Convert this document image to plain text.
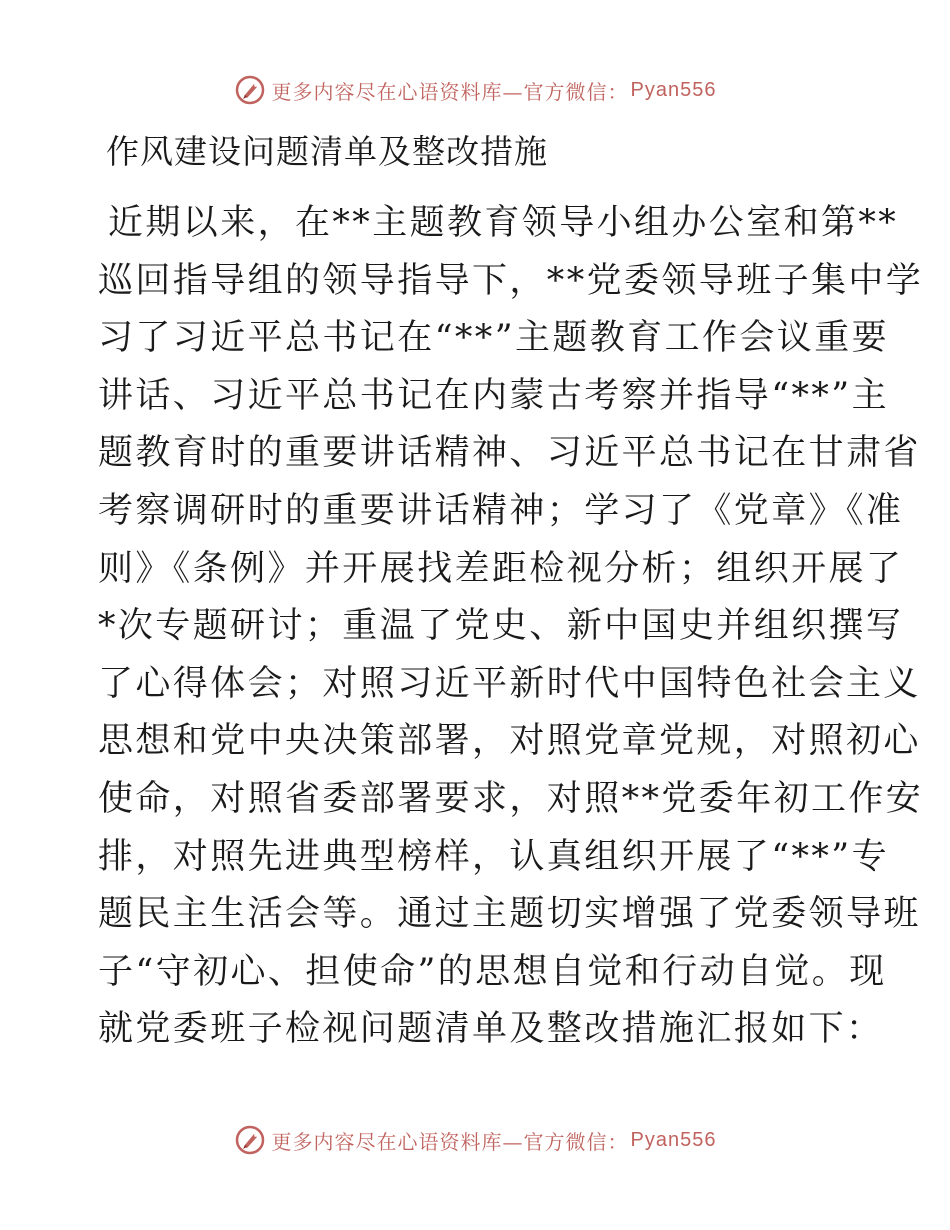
更多内容尽在心语资料库—官方微信： Pyan556
作风建设问题清单及整改措施
近期以来，在**主题教育领导小组办公室和第**
巡回指导组的领导指导下，**党委领导班子集中学
习了习近平总书记在“**”主题教育工作会议重要
讲话、习近平总书记在内蒙古考察并指导“**”主
题教育时的重要讲话精神、习近平总书记在甘肃省
考察调研时的重要讲话精神；学习了《党章》《准
则》《条例》并开展找差距检视分析；组织开展了
*次专题研讨；重温了党史、新中国史并组织撰写
了心得体会；对照习近平新时代中国特色社会主义
思想和党中央决策部署，对照党章党规，对照初心
使命，对照省委部署要求，对照**党委年初工作安
排，对照先进典型榜样，认真组织开展了“**”专
题民主生活会等。通过主题切实增强了党委领导班
子“守初心、担使命”的思想自觉和行动自觉。现
就党委班子检视问题清单及整改措施汇报如下：
更多内容尽在心语资料库—官方微信： Pyan556
